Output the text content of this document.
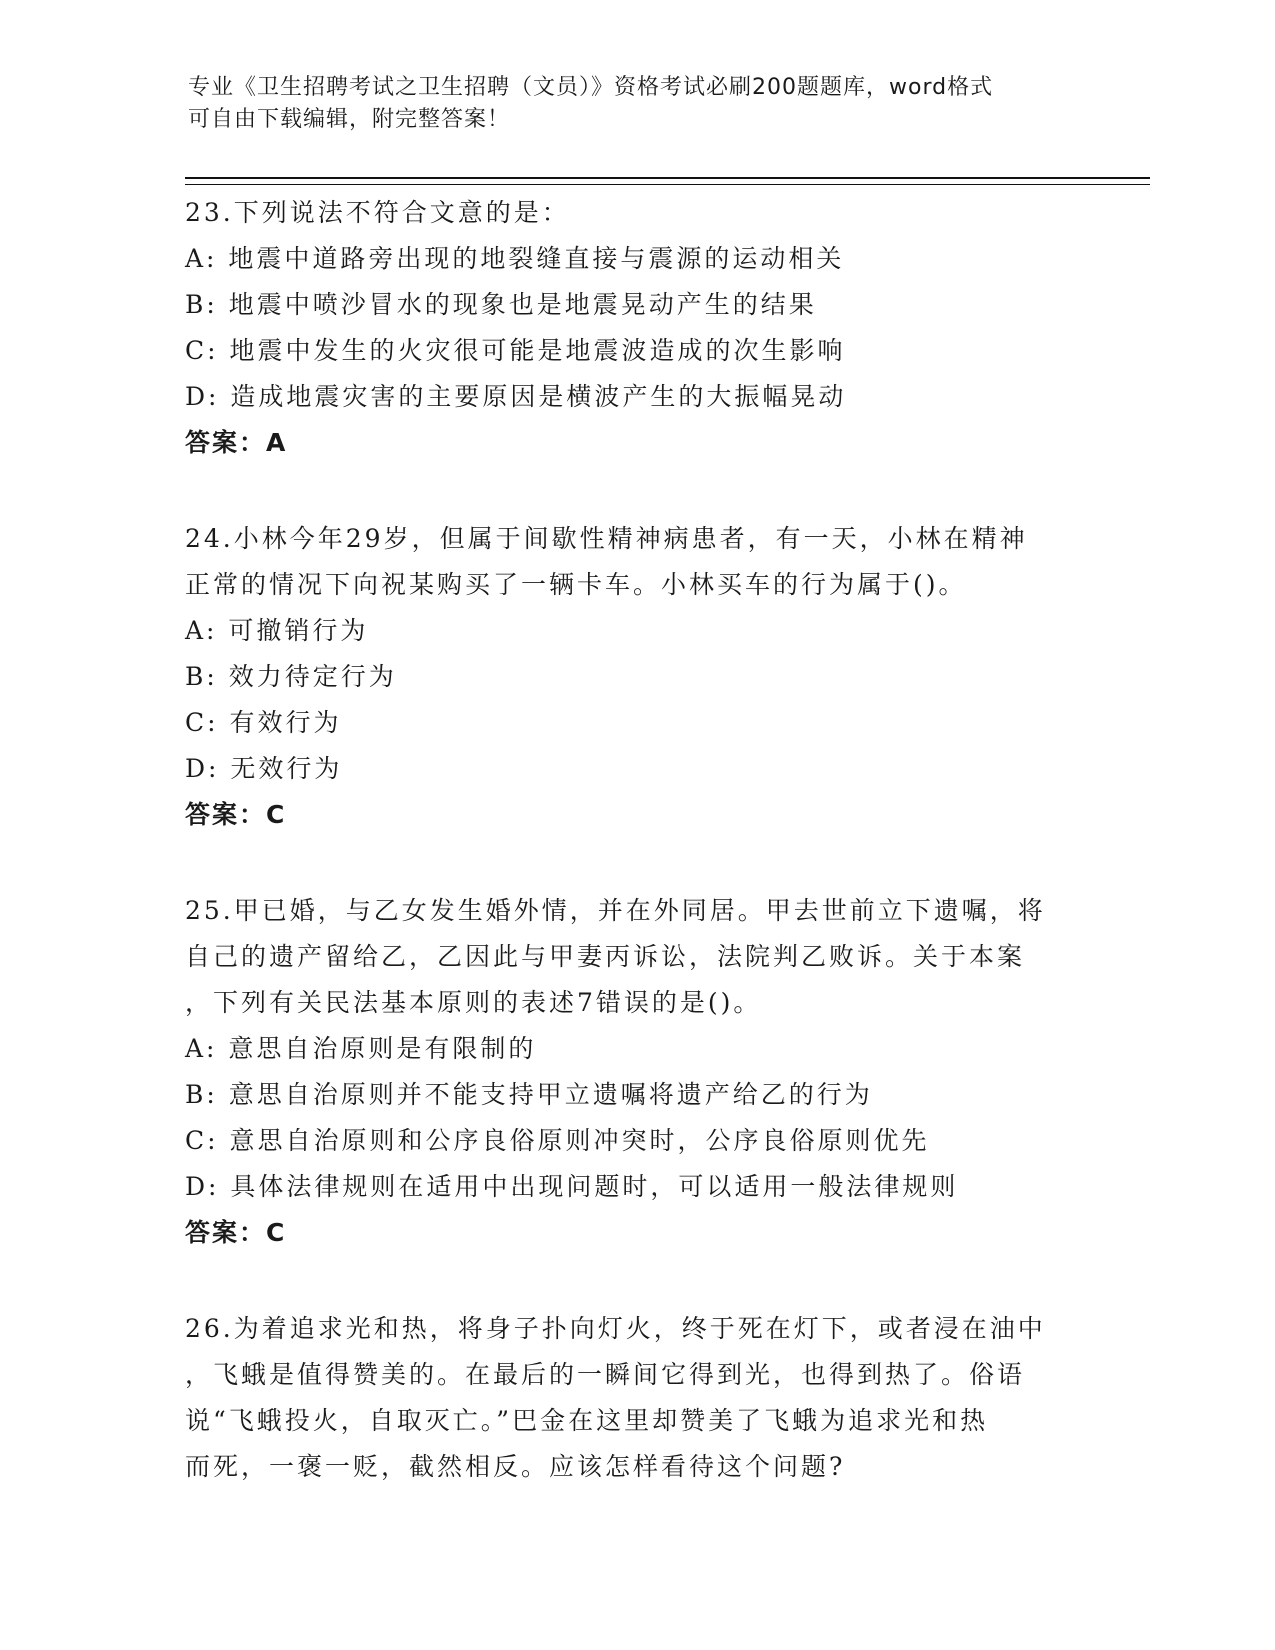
专业《卫生招聘考试之卫生招聘（文员）》资格考试必刷200题题库，word格式
可自由下载编辑，附完整答案！
23.下列说法不符合文意的是：
A: 地震中道路旁出现的地裂缝直接与震源的运动相关
B: 地震中喷沙冒水的现象也是地震晃动产生的结果
C: 地震中发生的火灾很可能是地震波造成的次生影响
D: 造成地震灾害的主要原因是横波产生的大振幅晃动
答案：A
24.小林今年29岁，但属于间歇性精神病患者，有一天，小林在精神
正常的情况下向祝某购买了一辆卡车。小林买车的行为属于()。
A: 可撤销行为
B: 效力待定行为
C: 有效行为
D: 无效行为
答案：C
25.甲已婚，与乙女发生婚外情，并在外同居。甲去世前立下遗嘱，将
自己的遗产留给乙，乙因此与甲妻丙诉讼，法院判乙败诉。关于本案
，下列有关民法基本原则的表述7错误的是()。
A: 意思自治原则是有限制的
B: 意思自治原则并不能支持甲立遗嘱将遗产给乙的行为
C: 意思自治原则和公序良俗原则冲突时，公序良俗原则优先
D: 具体法律规则在适用中出现问题时，可以适用一般法律规则
答案：C
26.为着追求光和热，将身子扑向灯火，终于死在灯下，或者浸在油中
，飞蛾是值得赞美的。在最后的一瞬间它得到光，也得到热了。俗语
说“飞蛾投火，自取灭亡。”巴金在这里却赞美了飞蛾为追求光和热
而死，一褒一贬，截然相反。应该怎样看待这个问题?
